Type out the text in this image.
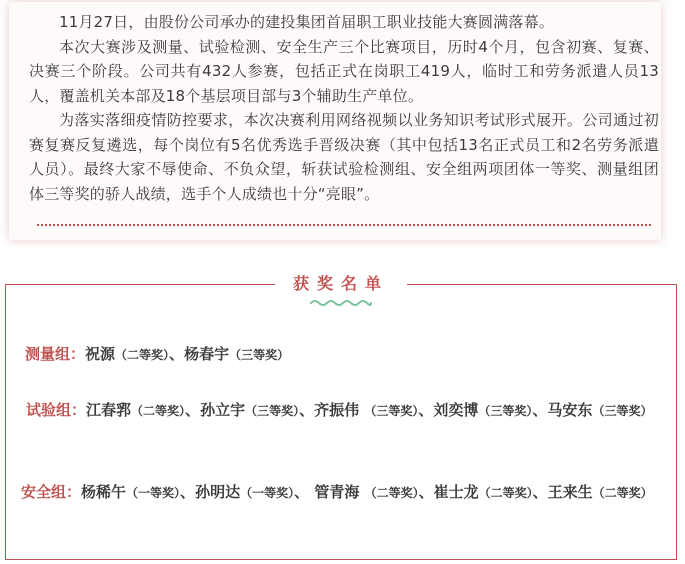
11月27日，由股份公司承办的建投集团首届职工职业技能大赛圆满落幕。

本次大赛涉及测量、试验检测、安全生产三个比赛项目，历时4个月，包含初赛、复赛、决赛三个阶段。公司共有432人参赛，包括正式在岗职工419人，临时工和劳务派遣人员13人，覆盖机关本部及18个基层项目部与3个辅助生产单位。

为落实落细疫情防控要求，本次决赛利用网络视频以业务知识考试形式展开。公司通过初赛复赛反复遴选，每个岗位有5名优秀选手晋级决赛（其中包括13名正式员工和2名劳务派遣人员）。最终大家不辱使命、不负众望，斩获试验检测组、安全组两项团体一等奖、测量组团体三等奖的骄人战绩，选手个人成绩也十分“亮眼”。

测量组：祝源（二等奖）、杨春宇（三等奖）
试验组：江春郛（二等奖）、孙立宇（三等奖）、齐振伟 （三等奖）、刘奕博（三等奖）、马安东（三等奖）
安全组：杨稀午（一等奖）、孙明达（一等奖）、 管青海 （二等奖）、崔士龙（二等奖）、王来生（二等奖）
获奖名单
